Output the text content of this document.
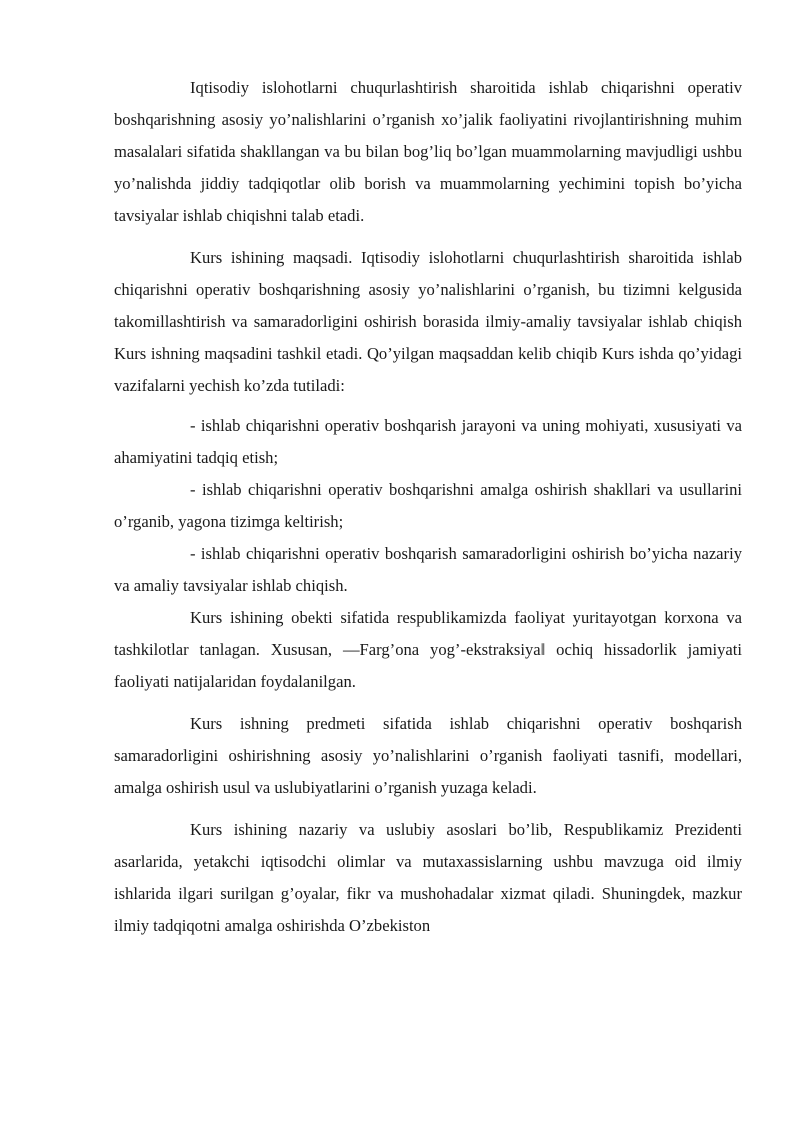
Iqtisodiy islohotlarni chuqurlashtirish sharoitida ishlab chiqarishni operativ boshqarishning asosiy yo’nalishlarini o’rganish xo’jalik faoliyatini rivojlantirishning muhim masalalari sifatida shakllangan va bu bilan bog’liq bo’lgan muammolarning mavjudligi ushbu yo’nalishda jiddiy tadqiqotlar olib borish va muammolarning yechimini topish bo’yicha tavsiyalar ishlab chiqishni talab etadi.

Kurs ishining maqsadi. Iqtisodiy islohotlarni chuqurlashtirish sharoitida ishlab chiqarishni operativ boshqarishning asosiy yo’nalishlarini o’rganish, bu tizimni kelgusida takomillashtirish va samaradorligini oshirish borasida ilmiy-amaliy tavsiyalar ishlab chiqish Kurs ishning maqsadini tashkil etadi. Qo’yilgan maqsaddan kelib chiqib Kurs ishda qo’yidagi vazifalarni yechish ko’zda tutiladi:

- ishlab chiqarishni operativ boshqarish jarayoni va uning mohiyati, xususiyati va ahamiyatini tadqiq etish;

- ishlab chiqarishni operativ boshqarishni amalga oshirish shakllari va usullarini o’rganib, yagona tizimga keltirish;

- ishlab chiqarishni operativ boshqarish samaradorligini oshirish bo’yicha nazariy va amaliy tavsiyalar ishlab chiqish.

Kurs ishining obekti sifatida respublikamizda faoliyat yuritayotgan korxona va tashkilotlar tanlagan. Xususan, ―Farg’ona yog’-ekstraksiya‖ ochiq hissadorlik jamiyati faoliyati natijalaridan foydalanilgan.

Kurs ishning predmeti sifatida ishlab chiqarishni operativ boshqarish samaradorligini oshirishning asosiy yo’nalishlarini o’rganish faoliyati tasnifi, modellari, amalga oshirish usul va uslubiyatlarini o’rganish yuzaga keladi.

Kurs ishining nazariy va uslubiy asoslari bo’lib, Respublikamiz Prezidenti asarlarida, yetakchi iqtisodchi olimlar va mutaxassislarning ushbu mavzuga oid ilmiy ishlarida ilgari surilgan g’oyalar, fikr va mushohadalar xizmat qiladi. Shuningdek, mazkur ilmiy tadqiqotni amalga oshirishda O’zbekiston
